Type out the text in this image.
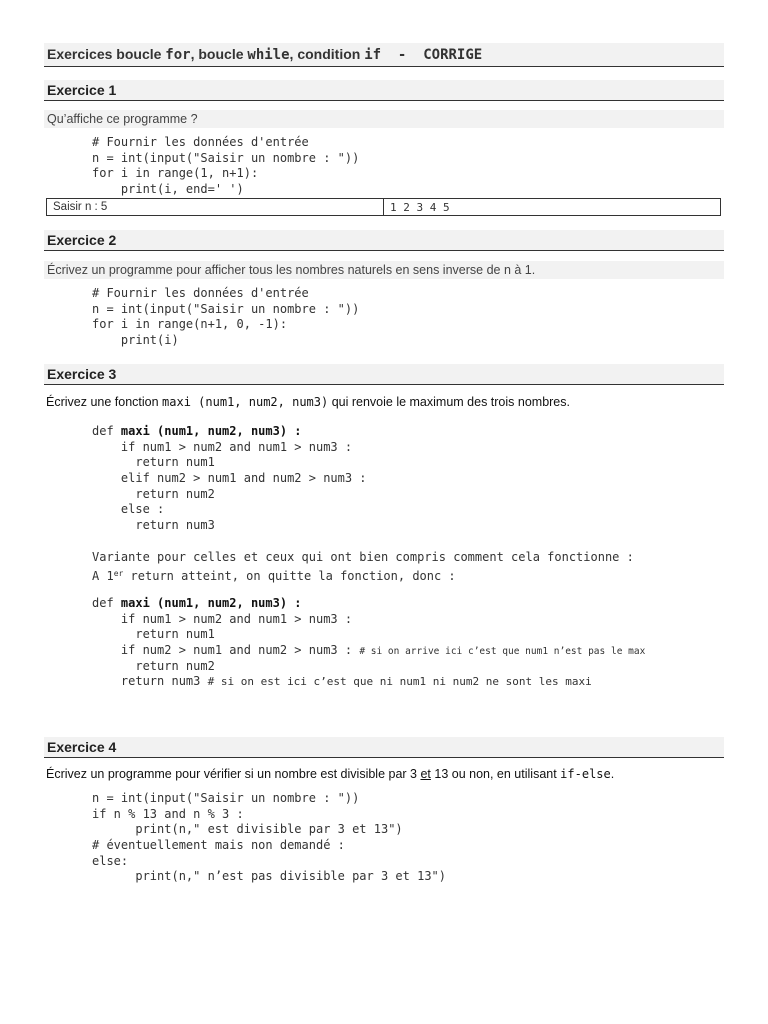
Exercices boucle for, boucle while, condition if  -  CORRIGE
Exercice 1
Qu’affiche ce programme ?
# Fournir les données d'entrée
n = int(input("Saisir un nombre : "))
for i in range(1, n+1):
print(i, end=' ')
Saisir n : 5	1 2 3 4 5
Exercice 2
Écrivez un programme pour afficher tous les nombres naturels en sens inverse de n à 1.
# Fournir les données d'entrée
n = int(input("Saisir un nombre : "))
for i in range(n+1, 0, -1):
print(i)
Exercice 3
Écrivez une fonction maxi (num1, num2, num3) qui renvoie le maximum des trois nombres.
def maxi (num1, num2, num3) :
if num1 > num2 and num1 > num3 :
return num1
elif num2 > num1 and num2 > num3 :
return num2
else :
return num3
Variante pour celles et ceux qui ont bien compris comment cela fonctionne :
A 1er return atteint, on quitte la fonction, donc :
def maxi (num1, num2, num3) :
if num1 > num2 and num1 > num3 :
return num1
if num2 > num1 and num2 > num3 : # si on arrive ici c’est que num1 n’est pas le max
return num2
return num3 # si on est ici c’est que ni num1 ni num2 ne sont les maxi
Exercice 4
Écrivez un programme pour vérifier si un nombre est divisible par 3 et 13 ou non, en utilisant if-else.
n = int(input("Saisir un nombre : "))
if n % 13 and n % 3 :
print(n," est divisible par 3 et 13")
# éventuellement mais non demandé :
else:
print(n," n’est pas divisible par 3 et 13")
